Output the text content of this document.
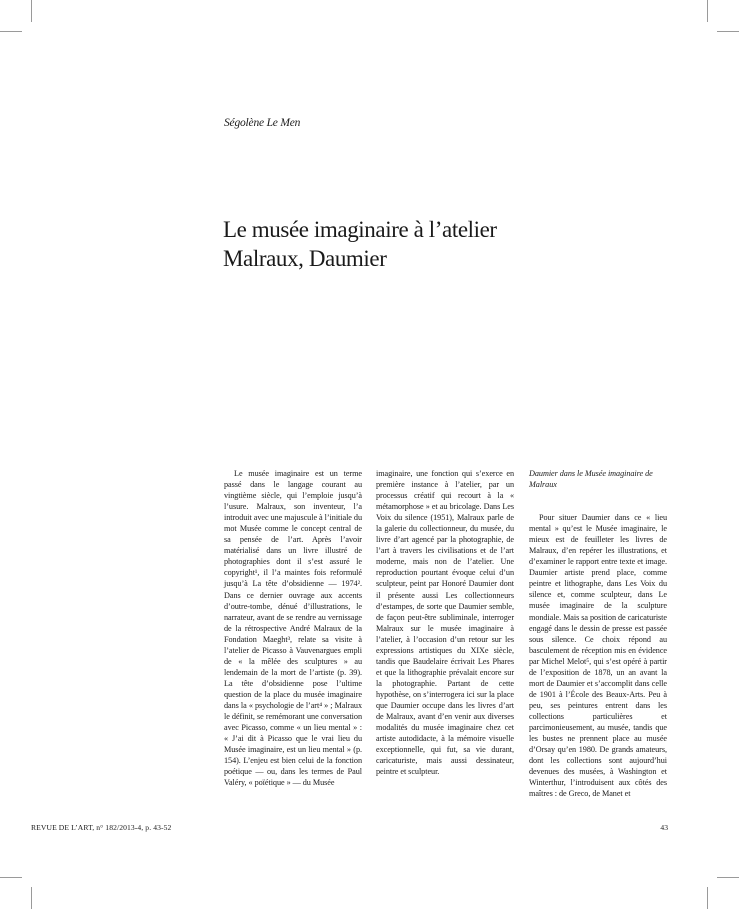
Ségolène Le Men
Le musée imaginaire à l’atelier
Malraux, Daumier

Le musée imaginaire est un terme passé dans le langage courant au vingtième siècle, qui l’emploie jusqu’à l’usure. Malraux, son inventeur, l’a introduit avec une majuscule à l’initiale du mot Musée comme le concept central de sa pensée de l’art. Après l’avoir matérialisé dans un livre illustré de photographies dont il s’est assuré le copyright¹, il l’a maintes fois reformulé jusqu’à La tête d’obsidienne — 1974². Dans ce dernier ouvrage aux accents d’outre-tombe, dénué d’illustrations, le narrateur, avant de se rendre au vernissage de la rétrospective André Malraux de la Fondation Maeght³, relate sa visite à l’atelier de Picasso à Vauvenargues empli de « la mêlée des sculptures » au lendemain de la mort de l’artiste (p. 39). La tête d’obsidienne pose l’ultime question de la place du musée imaginaire dans la « psychologie de l’art⁴ » ; Malraux le définit, se remémorant une conversation avec Picasso, comme « un lieu mental » : « J’ai dit à Picasso que le vrai lieu du Musée imaginaire, est un lieu mental » (p. 154). L’enjeu est bien celui de la fonction poétique — ou, dans les termes de Paul Valéry, « poïétique » — du Musée

imaginaire, une fonction qui s’exerce en première instance à l’atelier, par un processus créatif qui recourt à la « métamorphose » et au bricolage. Dans Les Voix du silence (1951), Malraux parle de la galerie du collectionneur, du musée, du livre d’art agencé par la photographie, de l’art à travers les civilisations et de l’art moderne, mais non de l’atelier. Une reproduction pourtant évoque celui d’un sculpteur, peint par Honoré Daumier dont il présente aussi Les collectionneurs d’estampes, de sorte que Daumier semble, de façon peut-être subliminale, interroger Malraux sur le musée imaginaire à l’atelier, à l’occasion d’un retour sur les expressions artistiques du XIXe siècle, tandis que Baudelaire écrivait Les Phares et que la lithographie prévalait encore sur la photographie. Partant de cette hypothèse, on s’interrogera ici sur la place que Daumier occupe dans les livres d’art de Malraux, avant d’en venir aux diverses modalités du musée imaginaire chez cet artiste autodidacte, à la mémoire visuelle exceptionnelle, qui fut, sa vie durant, caricaturiste, mais aussi dessinateur, peintre et sculpteur.

Daumier dans le Musée imaginaire de Malraux

Pour situer Daumier dans ce « lieu mental » qu’est le Musée imaginaire, le mieux est de feuilleter les livres de Malraux, d’en repérer les illustrations, et d’examiner le rapport entre texte et image. Daumier artiste prend place, comme peintre et lithographe, dans Les Voix du silence et, comme sculpteur, dans Le musée imaginaire de la sculpture mondiale. Mais sa position de caricaturiste engagé dans le dessin de presse est passée sous silence. Ce choix répond au basculement de réception mis en évidence par Michel Melot⁵, qui s’est opéré à partir de l’exposition de 1878, un an avant la mort de Daumier et s’accomplit dans celle de 1901 à l’École des Beaux-Arts. Peu à peu, ses peintures entrent dans les collections particulières et parcimonieusement, au musée, tandis que les bustes ne prennent place au musée d’Orsay qu’en 1980. De grands amateurs, dont les collections sont aujourd’hui devenues des musées, à Washington et Winterthur, l’introduisent aux côtés des maîtres : de Greco, de Manet et

REVUE DE L’ART, n° 182/2013-4, p. 43-52	43
